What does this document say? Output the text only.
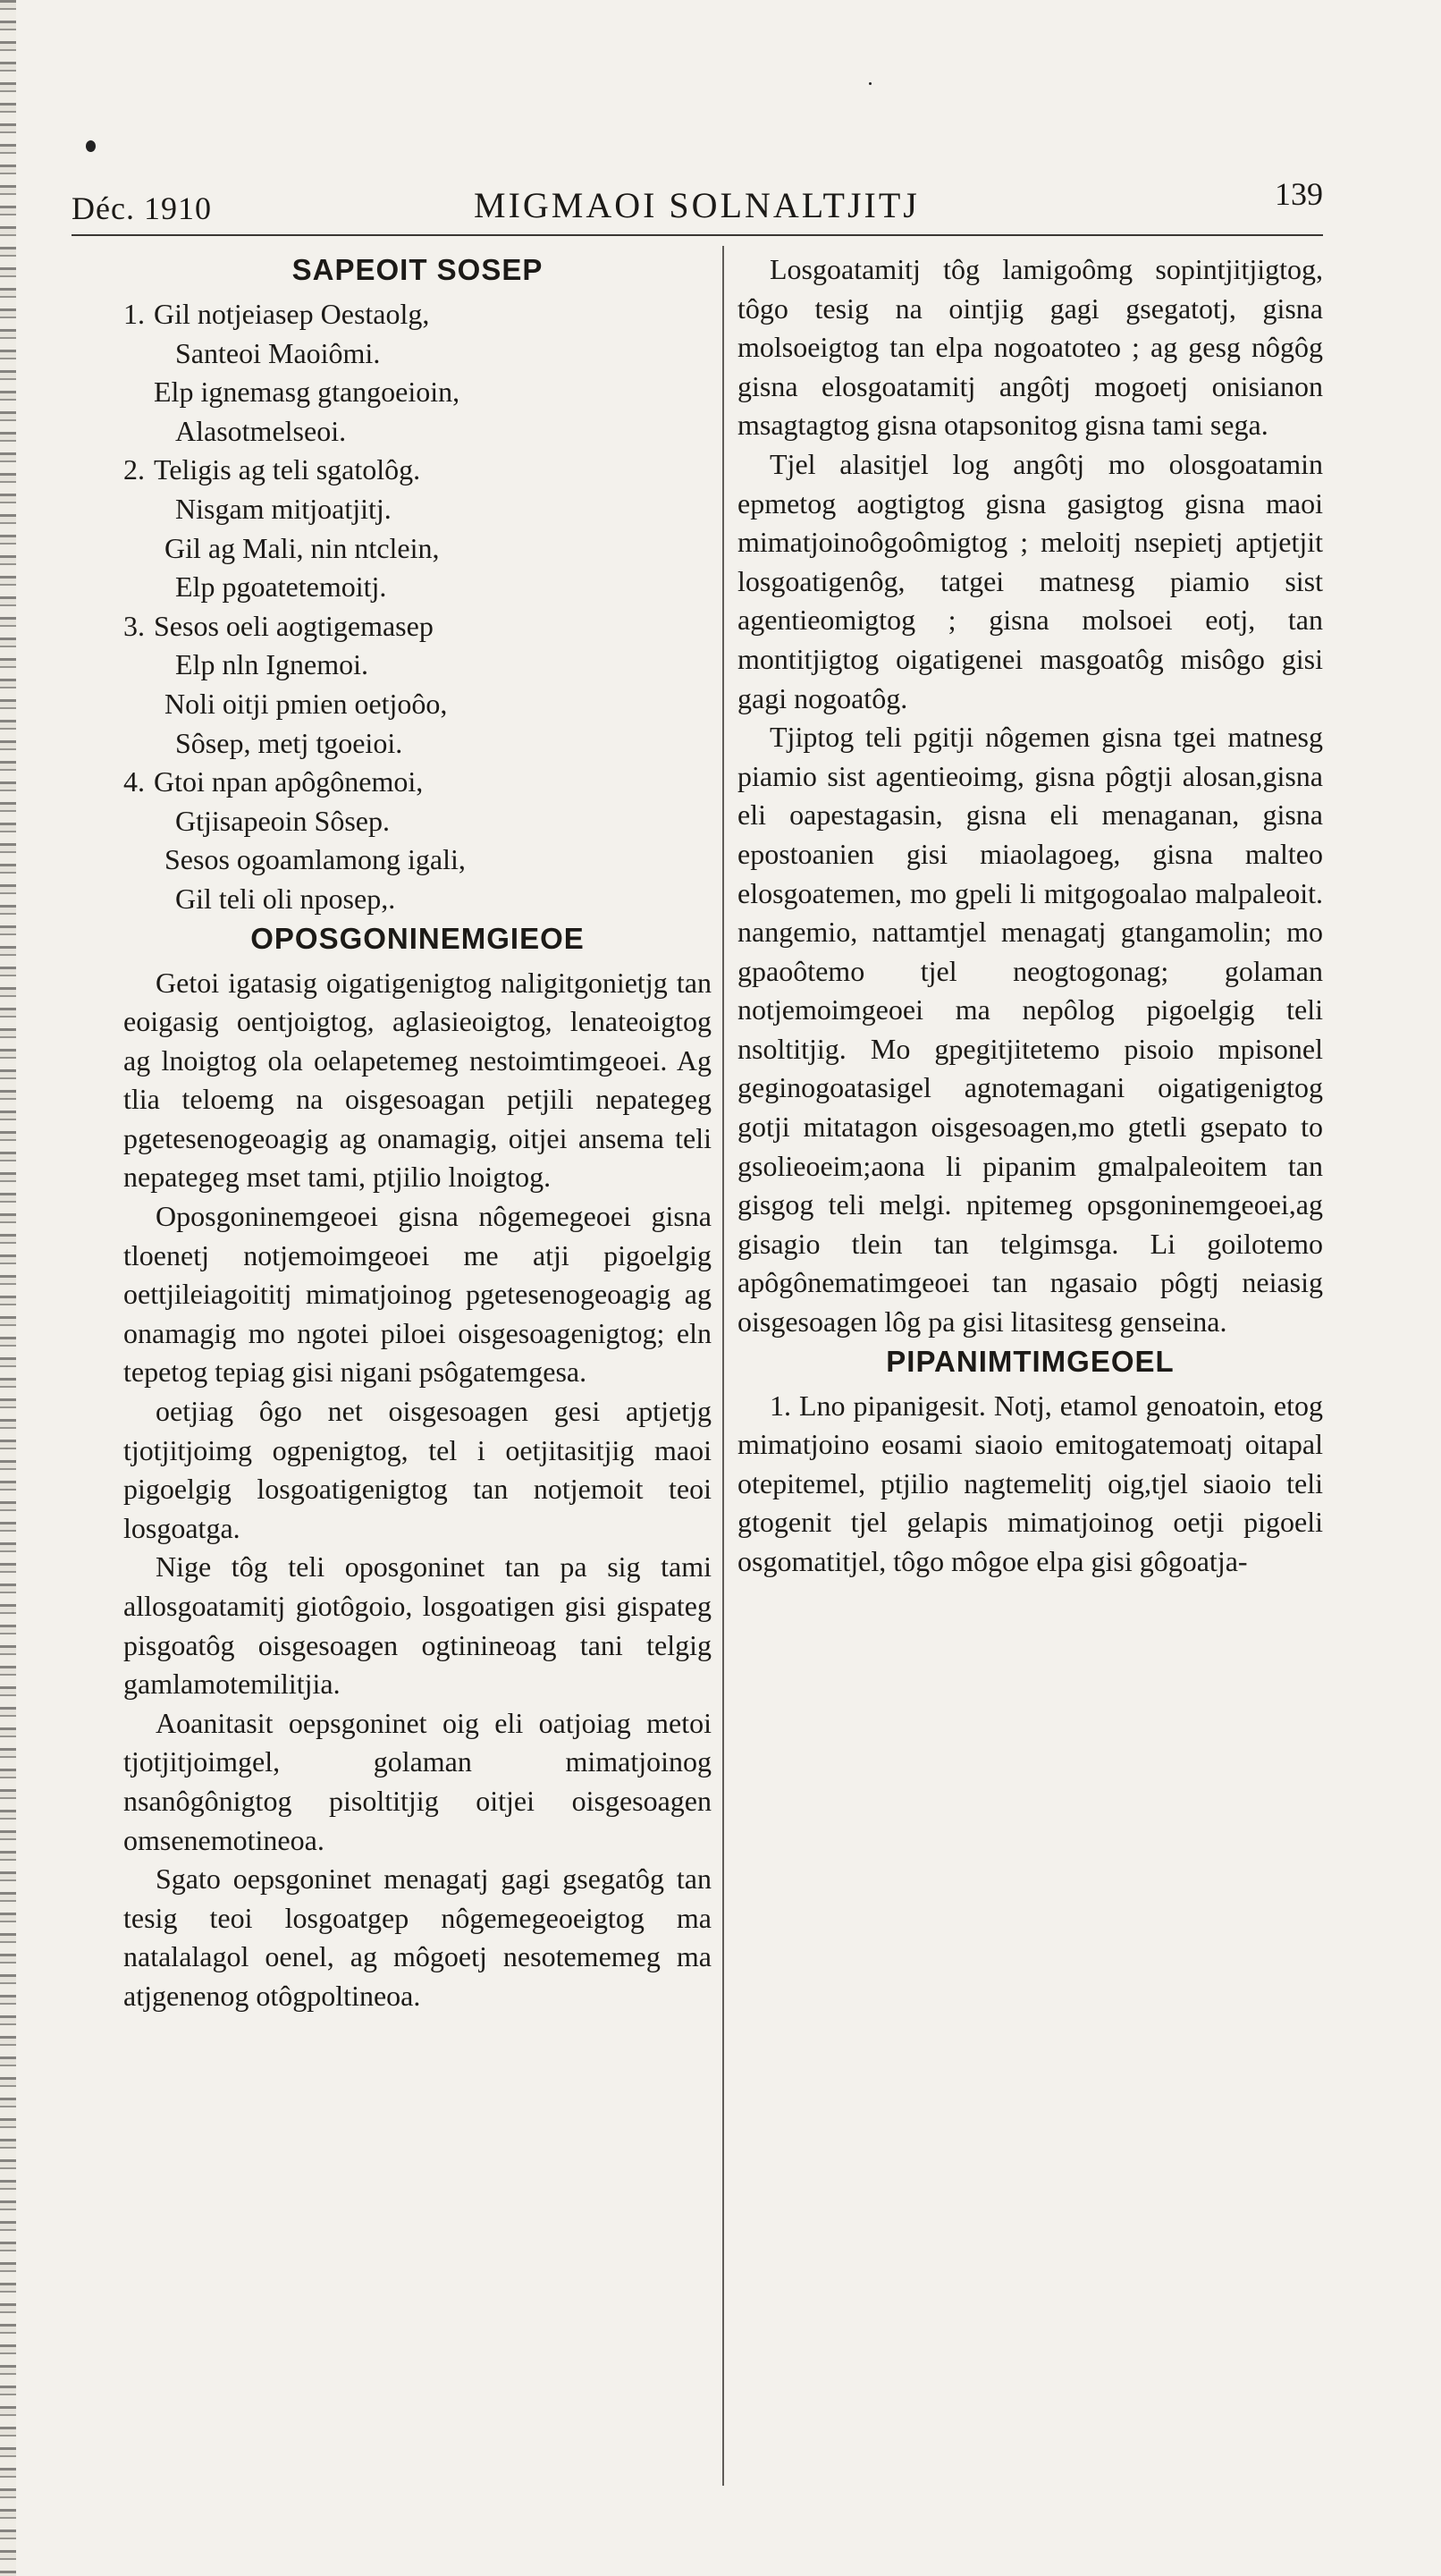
Déc. 1910	MIGMAOI SOLNALTJITJ	139
SAPEOIT SOSEP
1. Gil notjeiasep Oestaolg,
Santeoi Maoiômi.
Elp ignemasg gtangoeioin,
Alasotmelseoi.
2. Teligis ag teli sgatolôg.
Nisgam mitjoatjitj.
Gil ag Mali, nin ntclein,
Elp pgoatetemoitj.
3. Sesos oeli aogtigemasep
Elp nln Ignemoi.
Noli oitji pmien oetjoôo,
Sôsep, metj tgoeioi.
4. Gtoi npan apôgônemoi,
Gtjisapeoin Sôsep.
Sesos ogoamlamong igali,
Gil teli oli nposep,.
OPOSGONINEMGIEOE

Getoi igatasig oigatigenigtog naligitgonietjg tan eoigasig oentjoigtog, aglasieoigtog, lenateoigtog ag lnoigtog ola oelapetemeg nestoimtimgeoei. Ag tlia teloemg na oisgesoagan petjili nepategeg pgetesenogeoagig ag onamagig, oitjei ansema teli nepategeg mset tami, ptjilio lnoigtog.

Oposgoninemgeoei gisna nôgemegeoei gisna tloenetj notjemoimgeoei me atji pigoelgig oettjileiagoititj mimatjoinog pgetesenogeoagig ag onamagig mo ngotei piloei oisgesoagenigtog; eln tepetog tepiag gisi nigani psôgatemgesa.

oetjiag ôgo net oisgesoagen gesi aptjetjg tjotjitjoimg ogpenigtog, tel i oetjitasitjig maoi pigoelgig losgoatigenigtog tan notjemoit teoi losgoatga.

Nige tôg teli oposgoninet tan pa sig tami allosgoatamitj giotôgoio, losgoatigen gisi gispateg pisgoatôg oisgesoagen ogtinineoag tani telgig gamlamotemilitjia.

Aoanitasit oepsgoninet oig eli oatjoiag metoi tjotjitjoimgel, golaman mimatjoinog nsanôgônigtog pisoltitjig oitjei oisgesoagen omsenemotineoa.

Sgato oepsgoninet menagatj gagi gsegatôg tan tesig teoi losgoatgep nôgemegeoeigtog ma natalalagol oenel, ag môgoetj nesotememeg ma atjgenenog otôgpoltineoa.

Losgoatamitj tôg lamigoômg sopintjitjigtog, tôgo tesig na ointjig gagi gsegatotj, gisna molsoeigtog tan elpa nogoatoteo ; ag gesg nôgôg gisna elosgoatamitj angôtj mogoetj onisianon msagtagtog gisna otapsonitog gisna tami sega.

Tjel alasitjel log angôtj mo olosgoatamin epmetog aogtigtog gisna gasigtog gisna maoi mimatjoinoôgoômigtog ; meloitj nsepietj aptjetjit losgoatigenôg, tatgei matnesg piamio sist agentieomigtog ; gisna molsoei eotj, tan montitjigtog oigatigenei masgoatôg misôgo gisi gagi nogoatôg.

Tjiptog teli pgitji nôgemen gisna tgei matnesg piamio sist agentieoimg, gisna pôgtji alosan,gisna eli oapestagasin, gisna eli menaganan, gisna epostoanien gisi miaolagoeg, gisna malteo elosgoatemen, mo gpeli li mitgogoalao malpaleoit. nangemio, nattamtjel menagatj gtangamolin; mo gpaoôtemo tjel neogtogonag; golaman notjemoimgeoei ma nepôlog pigoelgig teli nsoltitjig. Mo gpegitjitetemo pisoio mpisonel geginogoatasigel agnotemagani oigatigenigtog gotji mitatagon oisgesoagen,mo gtetli gsepato to gsolieoeim;aona li pipanim gmalpaleoitem tan gisgog teli melgi. npitemeg opsgoninemgeoei,ag gisagio tlein tan telgimsga. Li goilotemo apôgônematimgeoei tan ngasaio pôgtj neiasig oisgesoagen lôg pa gisi litasitesg genseina.

PIPANIMTIMGEOEL

1. Lno pipanigesit. Notj, etamol genoatoin, etog mimatjoino eosami siaoio emitogatemoatj oitapal otepitemel, ptjilio nagtemelitj oig,tjel siaoio teli gtogenit tjel gelapis mimatjoinog oetji pigoeli osgomatitjel, tôgo môgoe elpa gisi gôgoatja-
